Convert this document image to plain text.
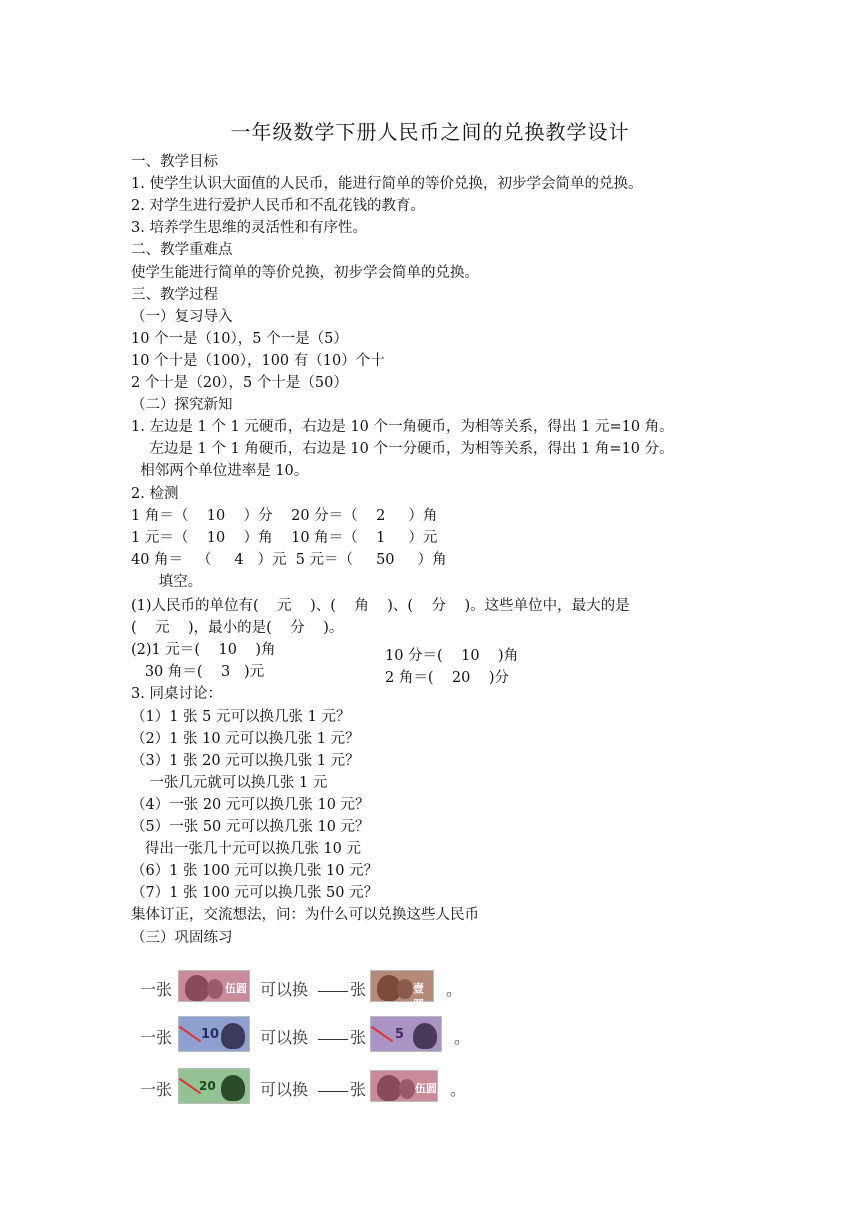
一年级数学下册人民币之间的兑换教学设计
一、教学目标
1. 使学生认识大面值的人民币，能进行简单的等价兑换，初步学会简单的兑换。
2. 对学生进行爱护人民币和不乱花钱的教育。
3. 培养学生思维的灵活性和有序性。
二、教学重难点
使学生能进行简单的等价兑换，初步学会简单的兑换。
三、教学过程
（一）复习导入
10 个一是（10），5 个一是（5）
10 个十是（100），100 有（10）个十
2 个十是（20），5 个十是（50）
（二）探究新知
1. 左边是 1 个 1 元硬币，右边是 10 个一角硬币，为相等关系，得出 1 元=10 角。
左边是 1 个 1 角硬币，右边是 10 个一分硬币，为相等关系，得出 1 角=10 分。
相邻两个单位进率是 10。
2. 检测
1 角＝（    10    ）分    20 分＝（    2     ）角
1 元＝（    10    ）角    10 角＝（    1     ）元
40 角＝   （     4   ）元  5 元＝（     50     ）角
填空。
(1)人民币的单位有(    元    )、(    角    )、(    分    )。这些单位中，最大的是
(    元    )，最小的是(    分    )。
(2)1 元＝(    10    )角
30 角＝(    3   )元
3. 同桌讨论：
（1）1 张 5 元可以换几张 1 元？
（2）1 张 10 元可以换几张 1 元？
（3）1 张 20 元可以换几张 1 元？
一张几元就可以换几张 1 元
（4）一张 20 元可以换几张 10 元？
（5）一张 50 元可以换几张 10 元？
得出一张几十元可以换几张 10 元
（6）1 张 100 元可以换几张 10 元？
（7）1 张 100 元可以换几张 50 元？
集体订正，交流想法，问：为什么可以兑换这些人民币
（三）巩固练习
10 分＝(    10    )角
2 角＝(    20    )分
一张	伍圆 可以换	张	壹圆
。
一张 10	可以换	张 5	。
一张 20	可以换	张	伍圆 。
